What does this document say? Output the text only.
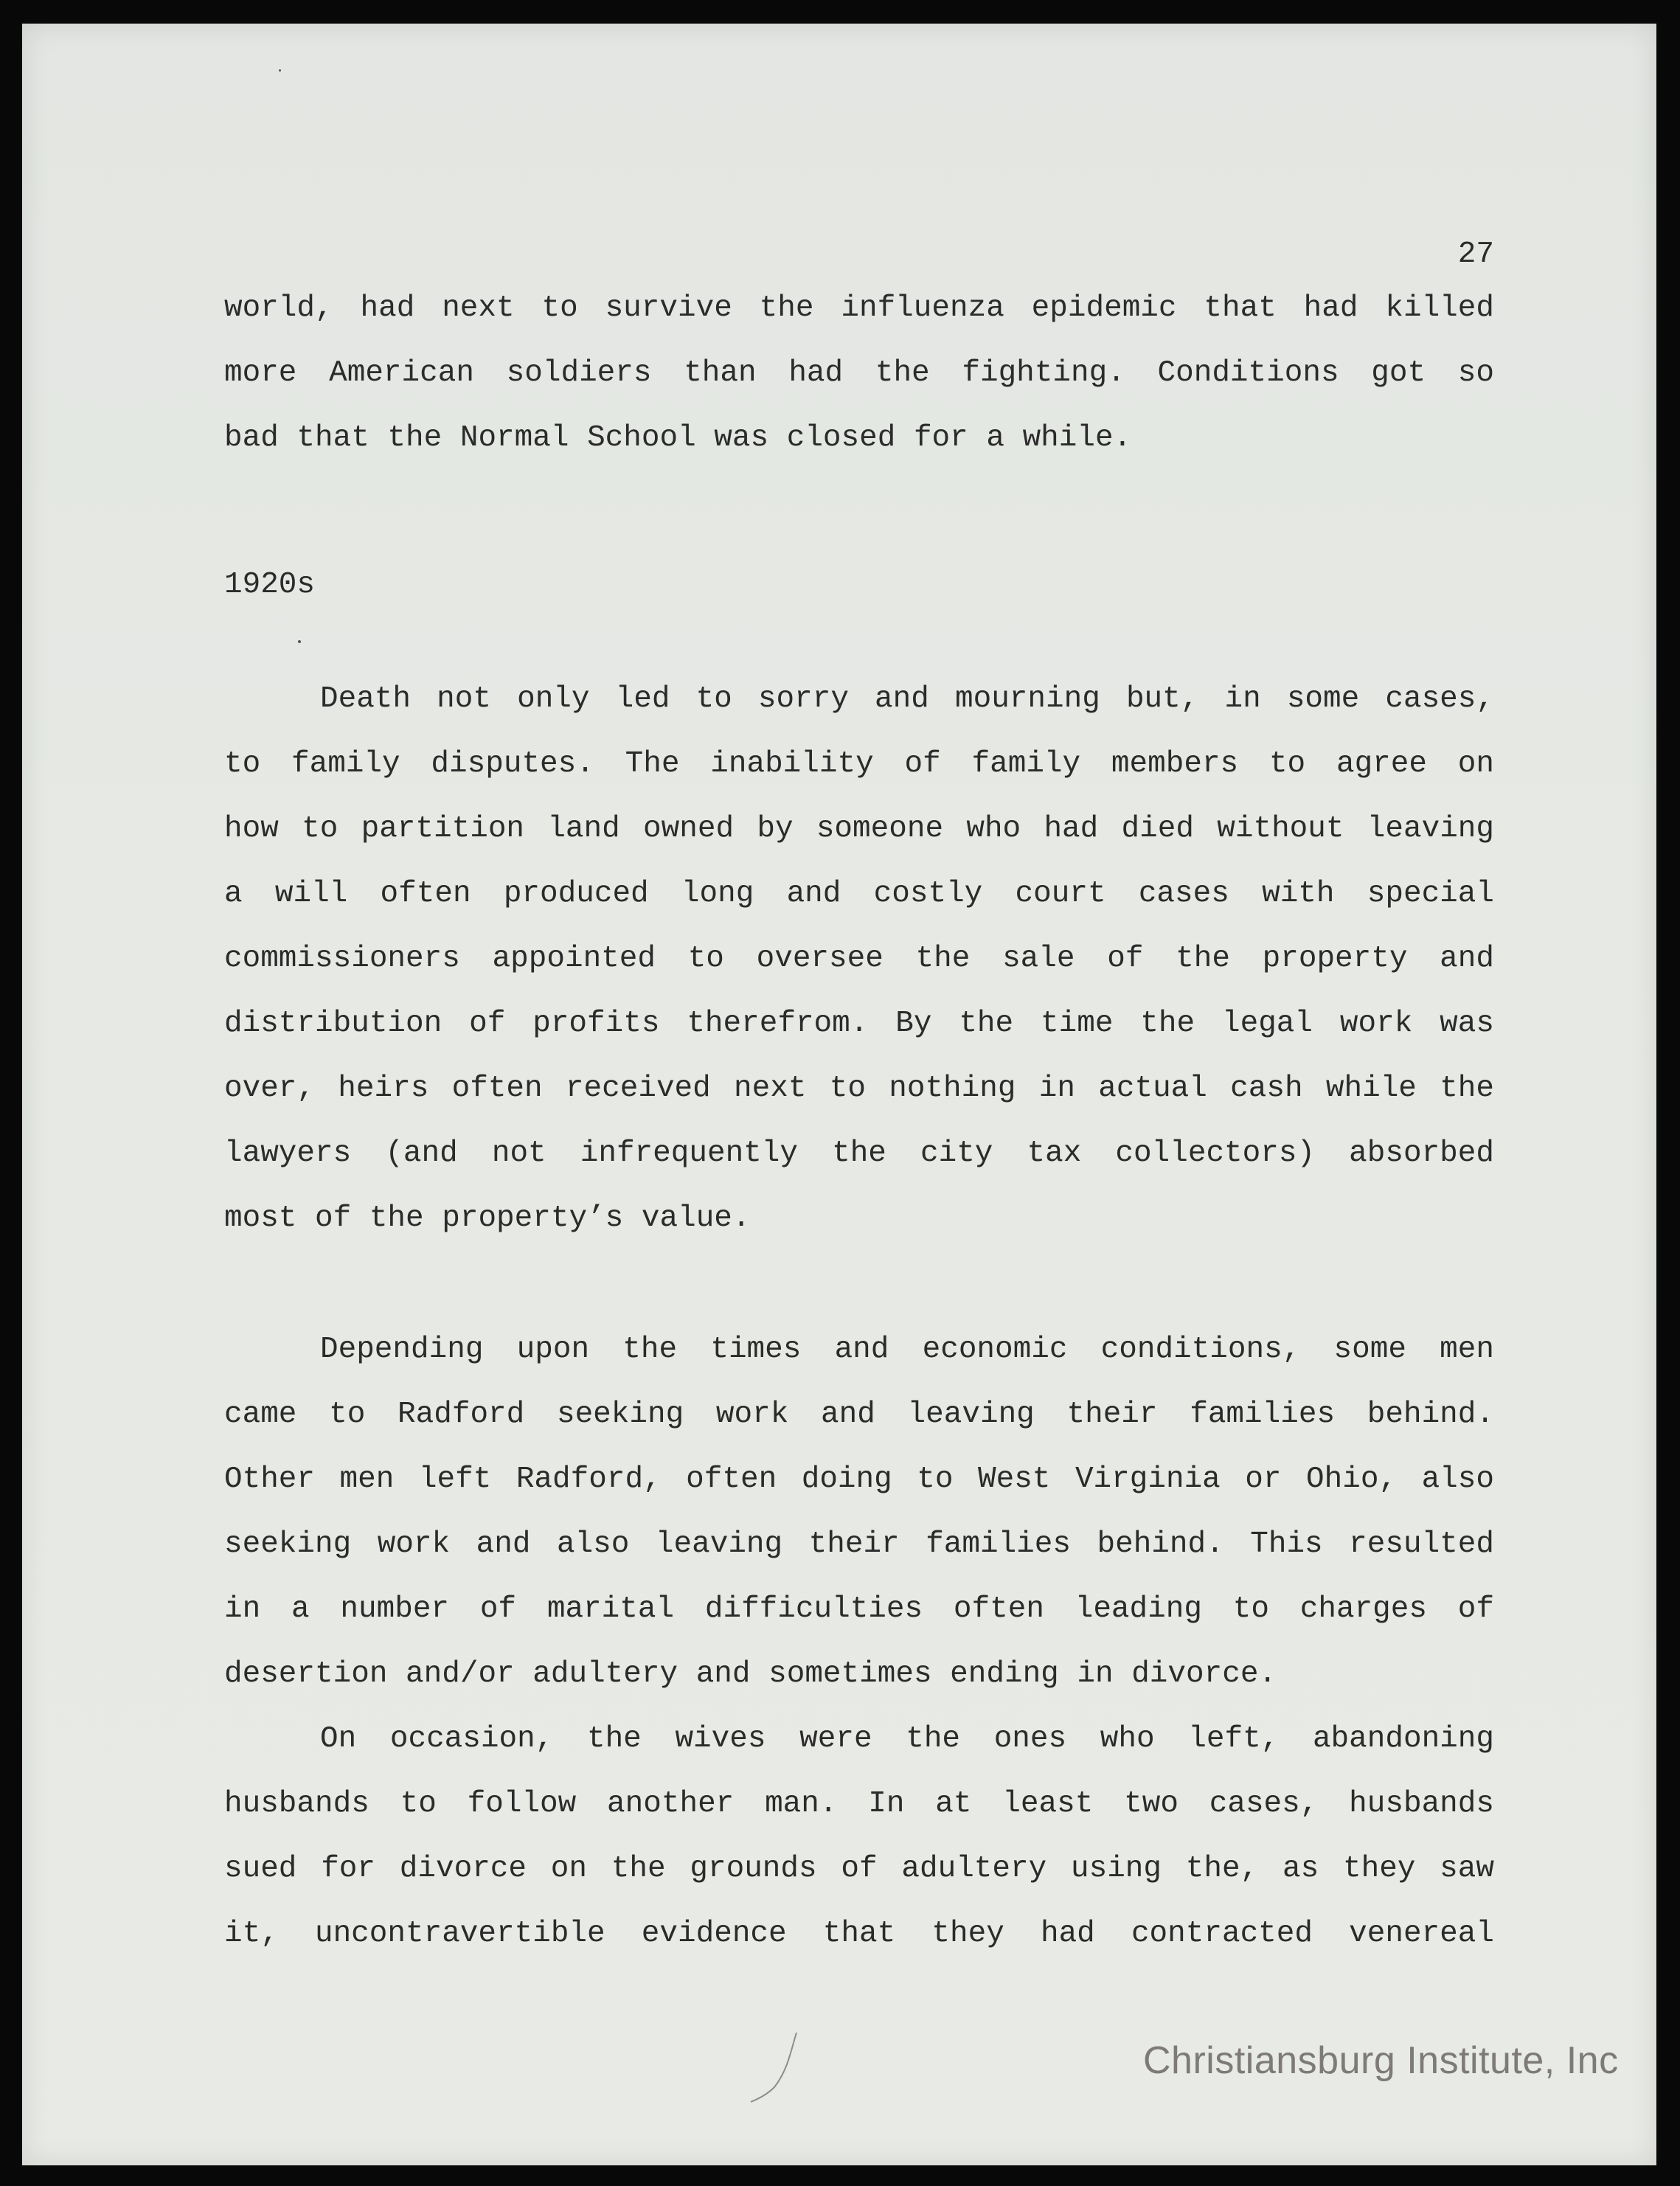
27
world, had next to survive the influenza epidemic that had killed
more American soldiers than had the fighting. Conditions got so
bad that the Normal School was closed for a while.
1920s
Death not only led to sorry and mourning but, in some cases,
to family disputes. The inability of family members to agree on
how to partition land owned by someone who had died without leaving
a will often produced long and costly court cases with special
commissioners appointed to oversee the sale of the property and
distribution of profits therefrom. By the time the legal work was
over, heirs often received next to nothing in actual cash while the
lawyers (and not infrequently the city tax collectors) absorbed
most of the property’s value.
Depending upon the times and economic conditions, some men
came to Radford seeking work and leaving their families behind.
Other men left Radford, often doing to West Virginia or Ohio, also
seeking work and also leaving their families behind. This resulted
in a number of marital difficulties often leading to charges of
desertion and/or adultery and sometimes ending in divorce.
On occasion, the wives were the ones who left, abandoning
husbands to follow another man. In at least two cases, husbands
sued for divorce on the grounds of adultery using the, as they saw
it, uncontravertible evidence that they had contracted venereal
Christiansburg Institute, Inc
